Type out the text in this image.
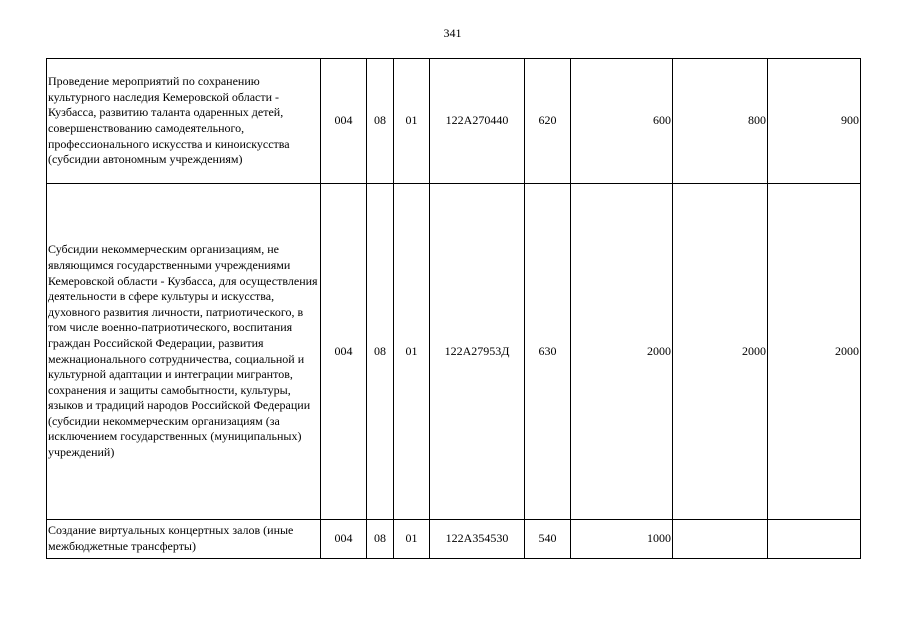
341
Проведение мероприятий по сохранению культурного наследия Кемеровской области - Кузбасса, развитию таланта одаренных детей, совершенствованию самодеятельного, профессионального искусства и киноискусства (субсидии автономным учреждениям)	004	08	01	122A270440	620	600	800	900
Субсидии некоммерческим организациям, не являющимся государственными учреждениями Кемеровской области - Кузбасса, для осуществления деятельности в сфере культуры и искусства, духовного развития личности, патриотического, в том числе военно-патриотического, воспитания граждан Российской Федерации, развития межнационального сотрудничества, социальной и культурной адаптации и интеграции мигрантов, сохранения и защиты самобытности, культуры, языков и традиций народов Российской Федерации (субсидии некоммерческим организациям (за исключением государственных (муниципальных) учреждений)	004	08	01	122A27953Д	630	2000	2000	2000
Создание виртуальных концертных залов (иные межбюджетные трансферты)	004	08	01	122A354530	540	1000		
